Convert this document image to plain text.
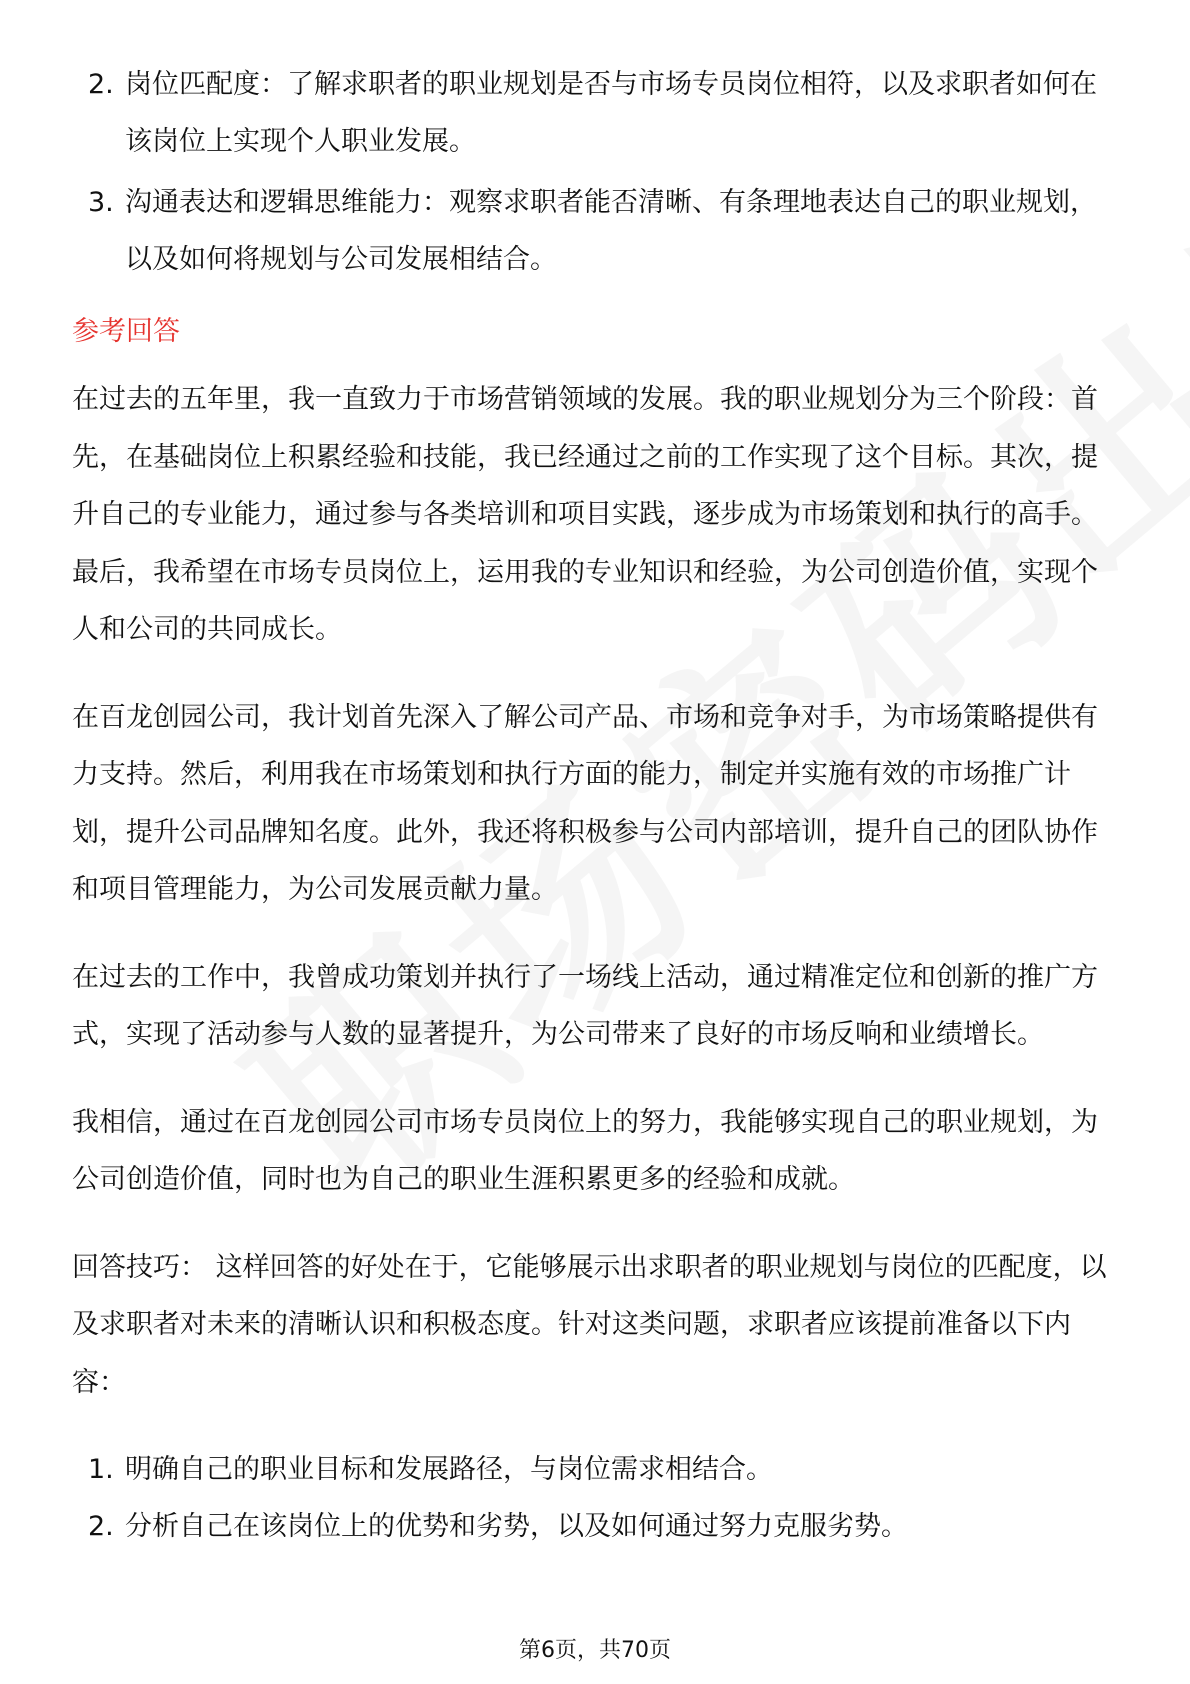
2. 岗位匹配度：了解求职者的职业规划是否与市场专员岗位相符，以及求职者如何在该岗位上实现个人职业发展。
3. 沟通表达和逻辑思维能力：观察求职者能否清晰、有条理地表达自己的职业规划，以及如何将规划与公司发展相结合。
参考回答

在过去的五年里，我一直致力于市场营销领域的发展。我的职业规划分为三个阶段：首先，在基础岗位上积累经验和技能，我已经通过之前的工作实现了这个目标。其次，提升自己的专业能力，通过参与各类培训和项目实践，逐步成为市场策划和执行的高手。最后，我希望在市场专员岗位上，运用我的专业知识和经验，为公司创造价值，实现个人和公司的共同成长。

在百龙创园公司，我计划首先深入了解公司产品、市场和竞争对手，为市场策略提供有力支持。然后，利用我在市场策划和执行方面的能力，制定并实施有效的市场推广计划，提升公司品牌知名度。此外，我还将积极参与公司内部培训，提升自己的团队协作和项目管理能力，为公司发展贡献力量。

在过去的工作中，我曾成功策划并执行了一场线上活动，通过精准定位和创新的推广方式，实现了活动参与人数的显著提升，为公司带来了良好的市场反响和业绩增长。

我相信，通过在百龙创园公司市场专员岗位上的努力，我能够实现自己的职业规划，为公司创造价值，同时也为自己的职业生涯积累更多的经验和成就。

回答技巧： 这样回答的好处在于，它能够展示出求职者的职业规划与岗位的匹配度，以及求职者对未来的清晰认识和积极态度。针对这类问题，求职者应该提前准备以下内容：

1. 明确自己的职业目标和发展路径，与岗位需求相结合。
2. 分析自己在该岗位上的优势和劣势，以及如何通过努力克服劣势。
第6页，共70页
